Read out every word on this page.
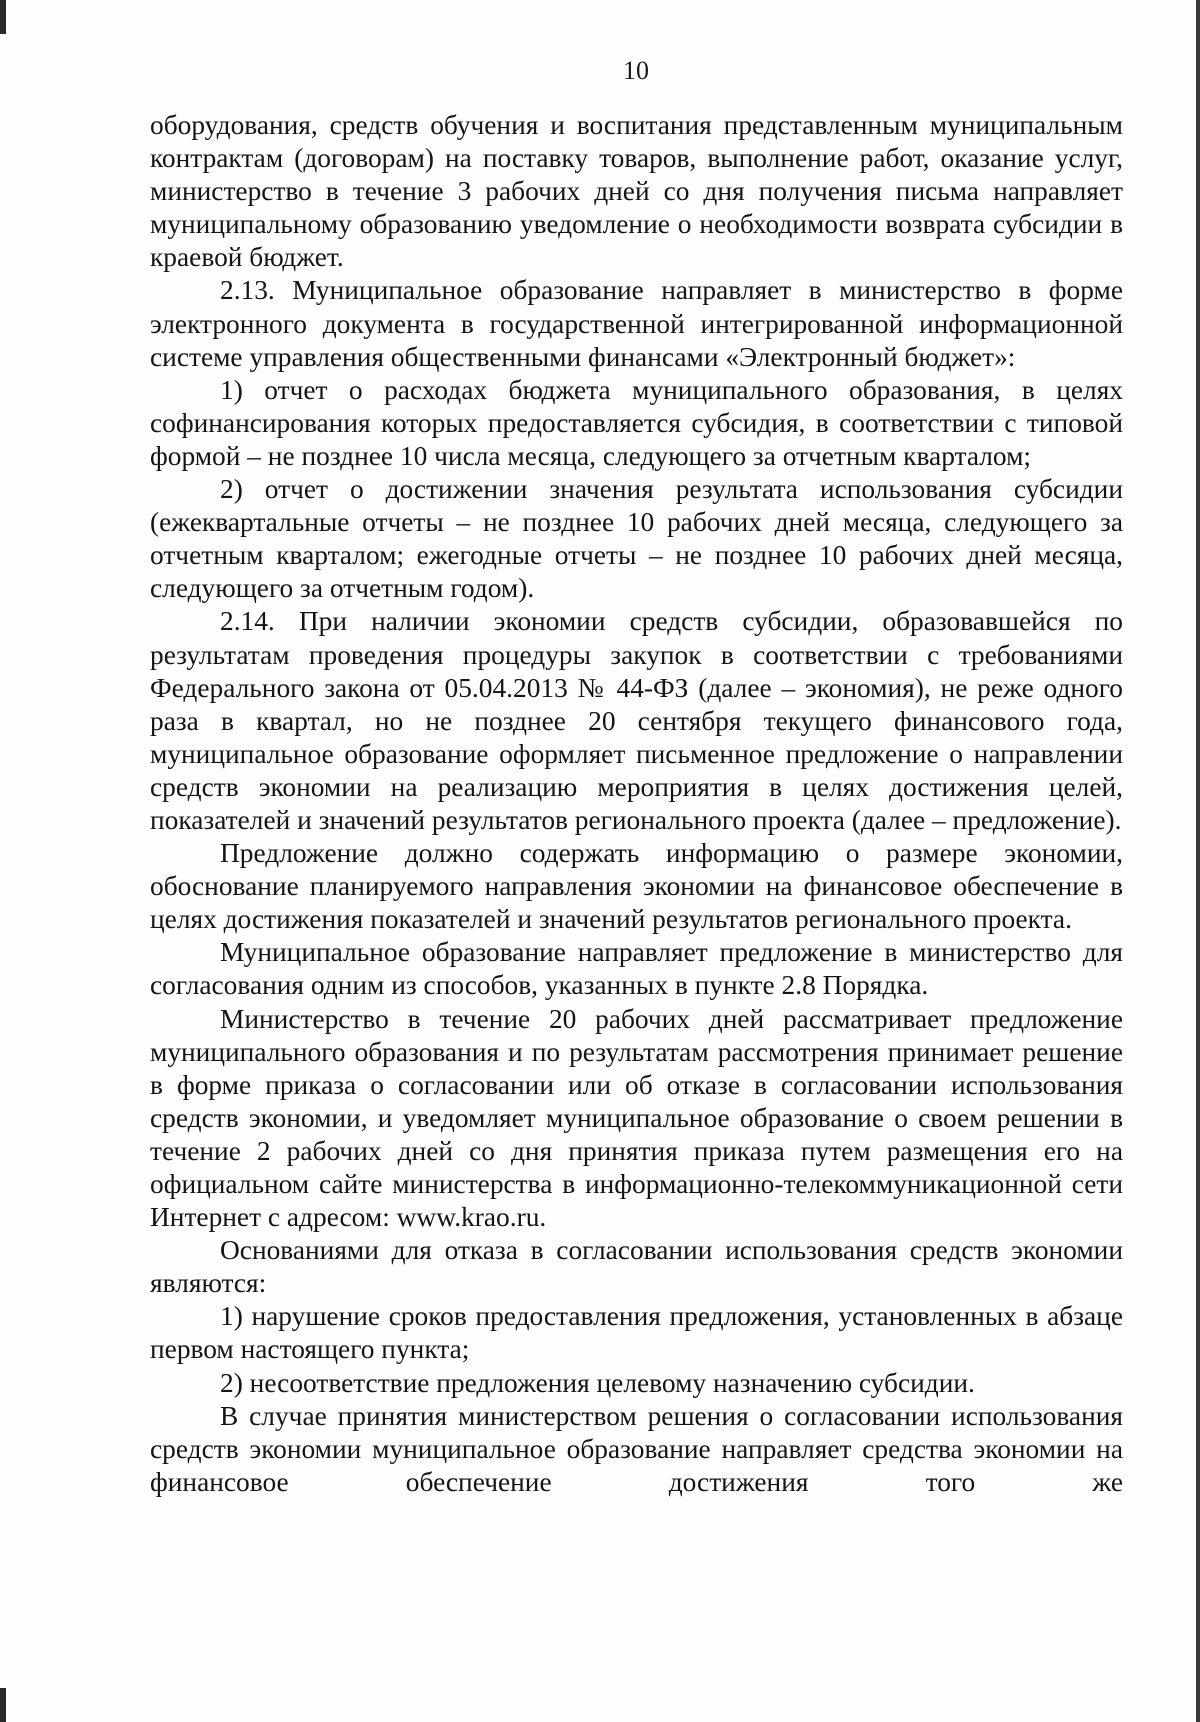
10

оборудования, средств обучения и воспитания представленным муниципальным контрактам (договорам) на поставку товаров, выполнение работ, оказание услуг, министерство в течение 3 рабочих дней со дня получения письма направляет муниципальному образованию уведомление о необходимости возврата субсидии в краевой бюджет.

2.13. Муниципальное образование направляет в министерство в форме электронного документа в государственной интегрированной информационной системе управления общественными финансами «Электронный бюджет»:

1) отчет о расходах бюджета муниципального образования, в целях софинансирования которых предоставляется субсидия, в соответствии с типовой формой – не позднее 10 числа месяца, следующего за отчетным кварталом;

2) отчет о достижении значения результата использования субсидии (ежеквартальные отчеты – не позднее 10 рабочих дней месяца, следующего за отчетным кварталом; ежегодные отчеты – не позднее 10 рабочих дней месяца, следующего за отчетным годом).

2.14. При наличии экономии средств субсидии, образовавшейся по результатам проведения процедуры закупок в соответствии с требованиями Федерального закона от 05.04.2013 № 44-ФЗ (далее – экономия), не реже одного раза в квартал, но не позднее 20 сентября текущего финансового года, муниципальное образование оформляет письменное предложение о направлении средств экономии на реализацию мероприятия в целях достижения целей, показателей и значений результатов регионального проекта (далее – предложение).

Предложение должно содержать информацию о размере экономии, обоснование планируемого направления экономии на финансовое обеспечение в целях достижения показателей и значений результатов регионального проекта.

Муниципальное образование направляет предложение в министерство для согласования одним из способов, указанных в пункте 2.8 Порядка.

Министерство в течение 20 рабочих дней рассматривает предложение муниципального образования и по результатам рассмотрения принимает решение в форме приказа о согласовании или об отказе в согласовании использования средств экономии, и уведомляет муниципальное образование о своем решении в течение 2 рабочих дней со дня принятия приказа путем размещения его на официальном сайте министерства в информационно-телекоммуникационной сети Интернет с адресом: www.krao.ru.

Основаниями для отказа в согласовании использования средств экономии являются:

1) нарушение сроков предоставления предложения, установленных в абзаце первом настоящего пункта;

2) несоответствие предложения целевому назначению субсидии.

В случае принятия министерством решения о согласовании использования средств экономии муниципальное образование направляет средства экономии на финансовое обеспечение достижения того же
